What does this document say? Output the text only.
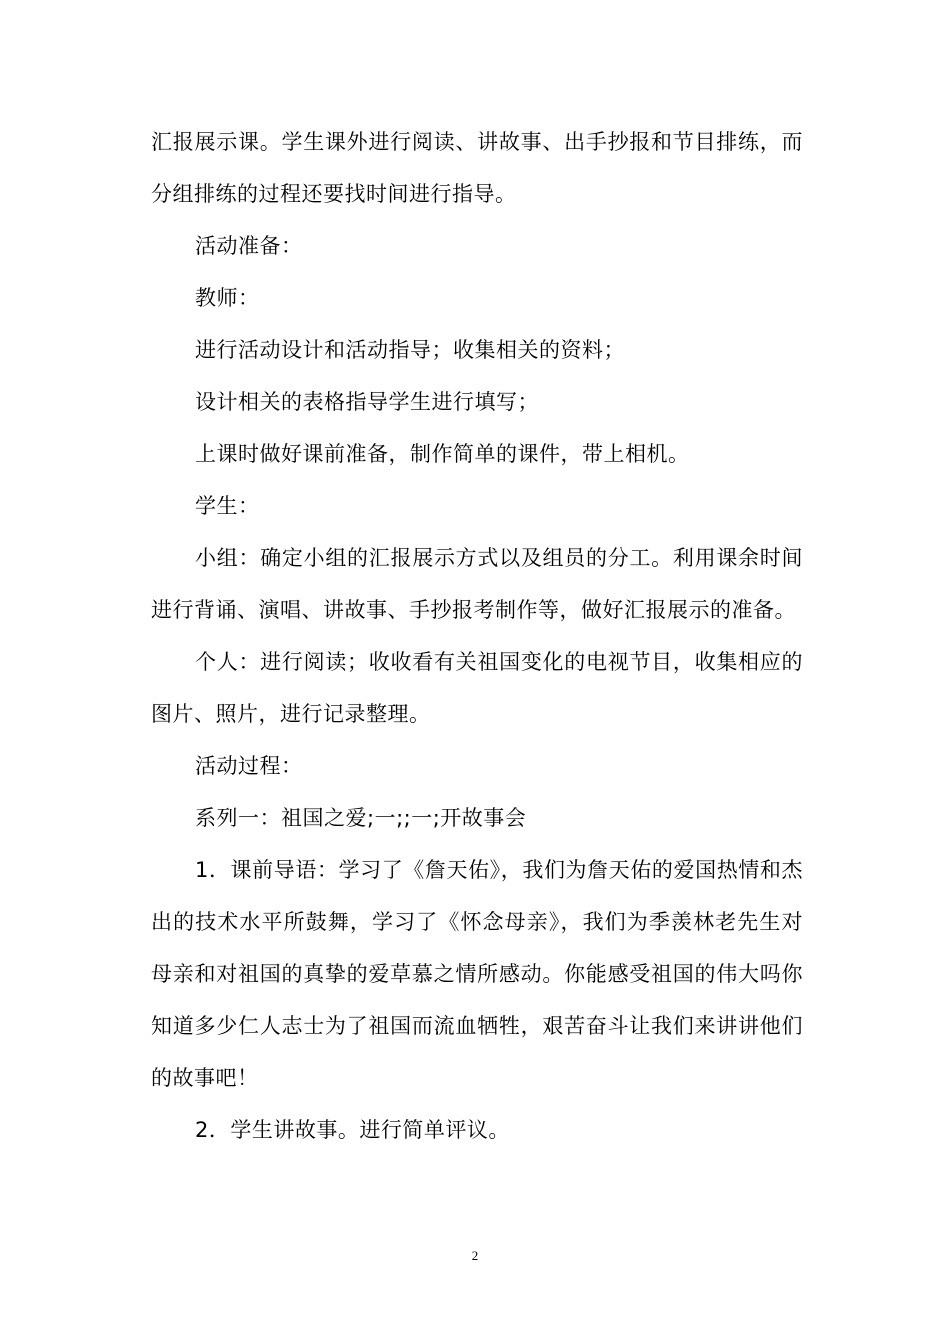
汇报展示课。学生课外进行阅读、讲故事、出手抄报和节目排练，而分组排练的过程还要找时间进行指导。

活动准备：

教师：

进行活动设计和活动指导；收集相关的资料；

设计相关的表格指导学生进行填写；

上课时做好课前准备，制作简单的课件，带上相机。

学生：

小组：确定小组的汇报展示方式以及组员的分工。利用课余时间进行背诵、演唱、讲故事、手抄报考制作等，做好汇报展示的准备。

个人：进行阅读；收收看有关祖国变化的电视节目，收集相应的图片、照片，进行记录整理。

活动过程：

系列一：祖国之爱;一;;一;开故事会

1．课前导语：学习了《詹天佑》，我们为詹天佑的爱国热情和杰出的技术水平所鼓舞，学习了《怀念母亲》，我们为季羡林老先生对母亲和对祖国的真挚的爱草慕之情所感动。你能感受祖国的伟大吗你知道多少仁人志士为了祖国而流血牺牲，艰苦奋斗让我们来讲讲他们的故事吧！

2．学生讲故事。进行简单评议。

2
